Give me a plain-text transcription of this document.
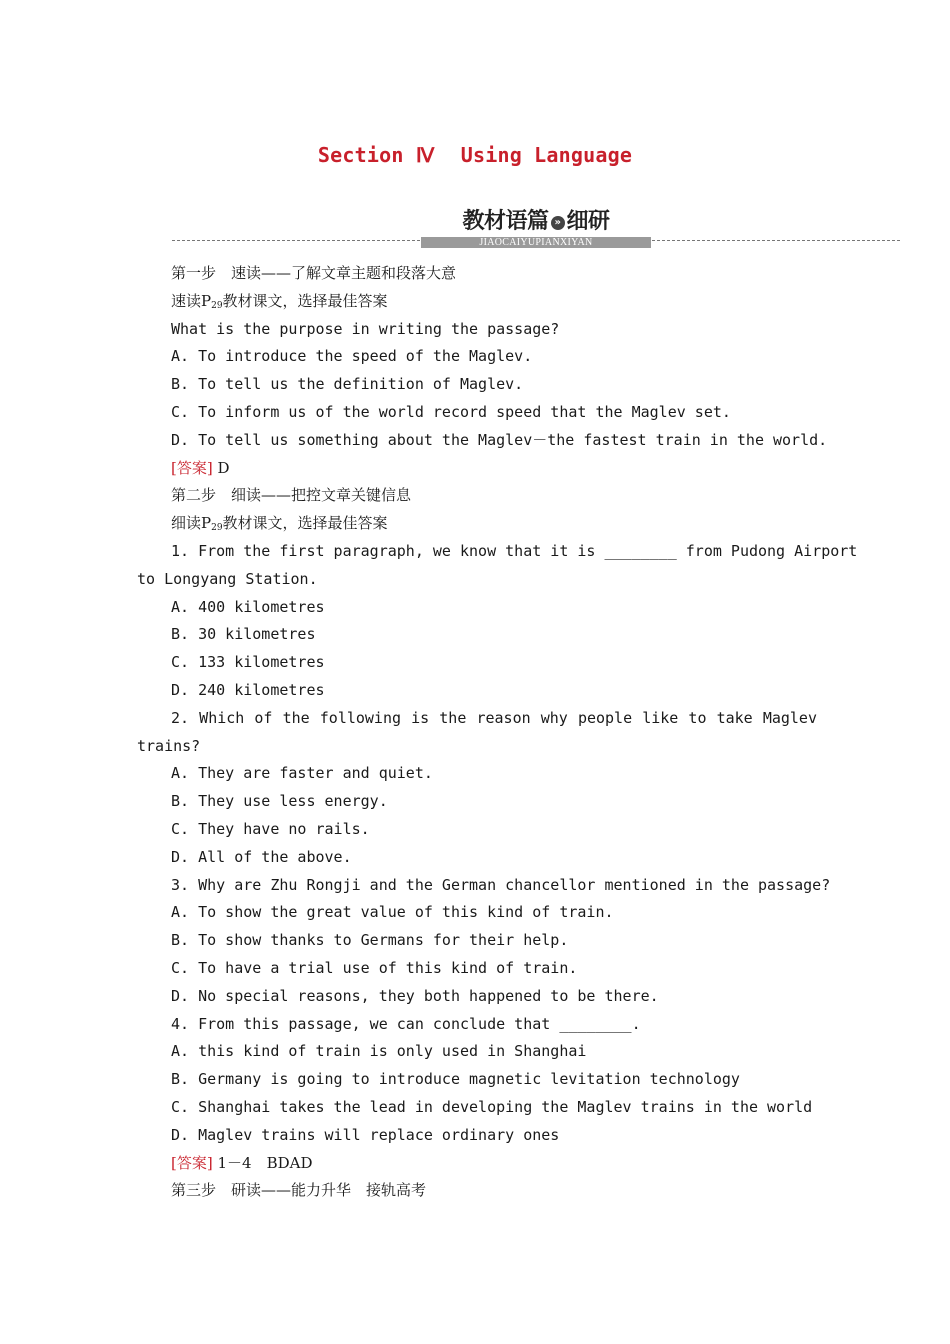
Section Ⅳ Using Language
教材语篇 » 细研
JIAOCAIYUPIANXIYAN
第一步　速读——了解文章主题和段落大意
速读$P_{29}$教材课文，选择最佳答案
What is the purpose in writing the passage?
A. To introduce the speed of the Maglev.
B. To tell us the definition of Maglev.
C. To inform us of the world record speed that the Maglev set.
D. To tell us something about the Maglev－the fastest train in the world.
[答案] D
第二步　细读——把控文章关键信息
细读$P_{29}$教材课文，选择最佳答案
1. From the first paragraph, we know that it is ________ from Pudong Airport
to Longyang Station.
A. 400 kilometres
B. 30 kilometres
C. 133 kilometres
D. 240 kilometres
2. Which of the following is the reason why people like to take Maglev
trains?
A. They are faster and quiet.
B. They use less energy.
C. They have no rails.
D. All of the above.
3. Why are Zhu Rongji and the German chancellor mentioned in the passage?
A. To show the great value of this kind of train.
B. To show thanks to Germans for their help.
C. To have a trial use of this kind of train.
D. No special reasons, they both happened to be there.
4. From this passage, we can conclude that ________.
A. this kind of train is only used in Shanghai
B. Germany is going to introduce magnetic levitation technology
C. Shanghai takes the lead in developing the Maglev trains in the world
D. Maglev trains will replace ordinary ones
[答案] 1－4　BDAD
第三步　研读——能力升华　接轨高考
